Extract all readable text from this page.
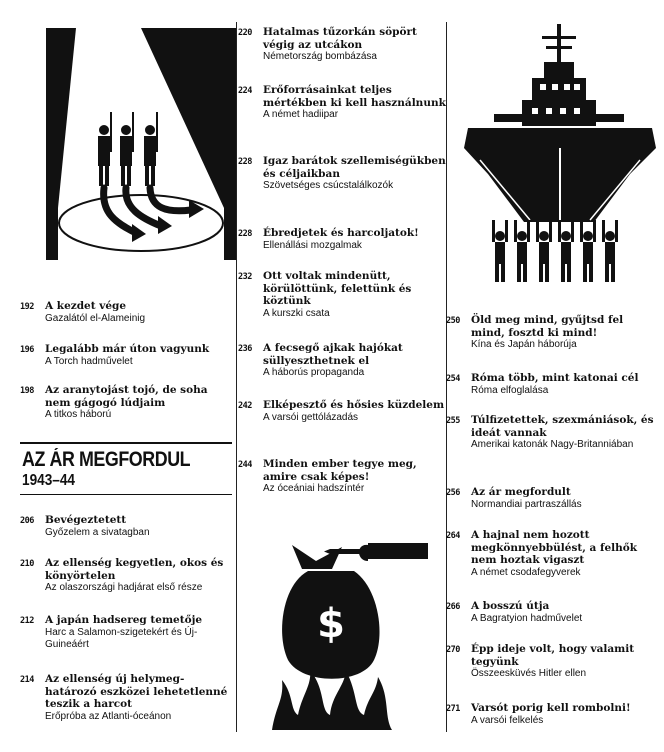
192	A kezdet vége
Gazalától el-Alameinig
196	Legalább már úton vagyunk
A Torch hadművelet
198	Az aranytojást tojó, de soha nem gágogó lúdjaim
A titkos háború
AZ ÁR MEGFORDUL
1943–44
206	Bevégeztetett
Győzelem a sivatagban
210	Az ellenség kegyetlen, okos és könyörtelen
Az olaszországi hadjárat első része
212	A japán hadsereg temetője
Harc a Salamon-szigetekért és Új-Guineáért
214	Az ellenség új helymeg-határozó eszközei lehetetlenné teszik a harcot
Erőpróba az Atlanti-óceánon
220	Hatalmas tűzorkán söpört végig az utcákon
Németország bombázása
224	Erőforrásainkat teljes mértékben ki kell használnunk
A német hadiipar
228	Igaz barátok szellemiségükben és céljaikban
Szövetséges csúcstalálkozók
228	Ébredjetek és harcoljatok!
Ellenállási mozgalmak
232	Ott voltak mindenütt, körülöttünk, felettünk és köztünk
A kurszki csata
236	A fecsegő ajkak hajókat süllyeszthetnek el
A háborús propaganda
242	Elképesztő és hősies küzdelem
A varsói gettólázadás
244	Minden ember tegye meg, amire csak képes!
Az óceániai hadszíntér
$
250	Öld meg mind, gyűjtsd fel mind, fosztd ki mind!
Kína és Japán háborúja
254	Róma több, mint katonai cél
Róma elfoglalása
255	Túlfizetettek, szexmániások, és ideát vannak
Amerikai katonák Nagy-Britanniában
256	Az ár megfordult
Normandiai partraszállás
264	A hajnal nem hozott megkönnyebbülést, a felhők nem hoztak vigaszt
A német csodafegyverek
266	A bosszú útja
A Bagratyion hadművelet
270	Épp ideje volt, hogy valamit tegyünk
Összeesküvés Hitler ellen
271	Varsót porig kell rombolni!
A varsói felkelés
